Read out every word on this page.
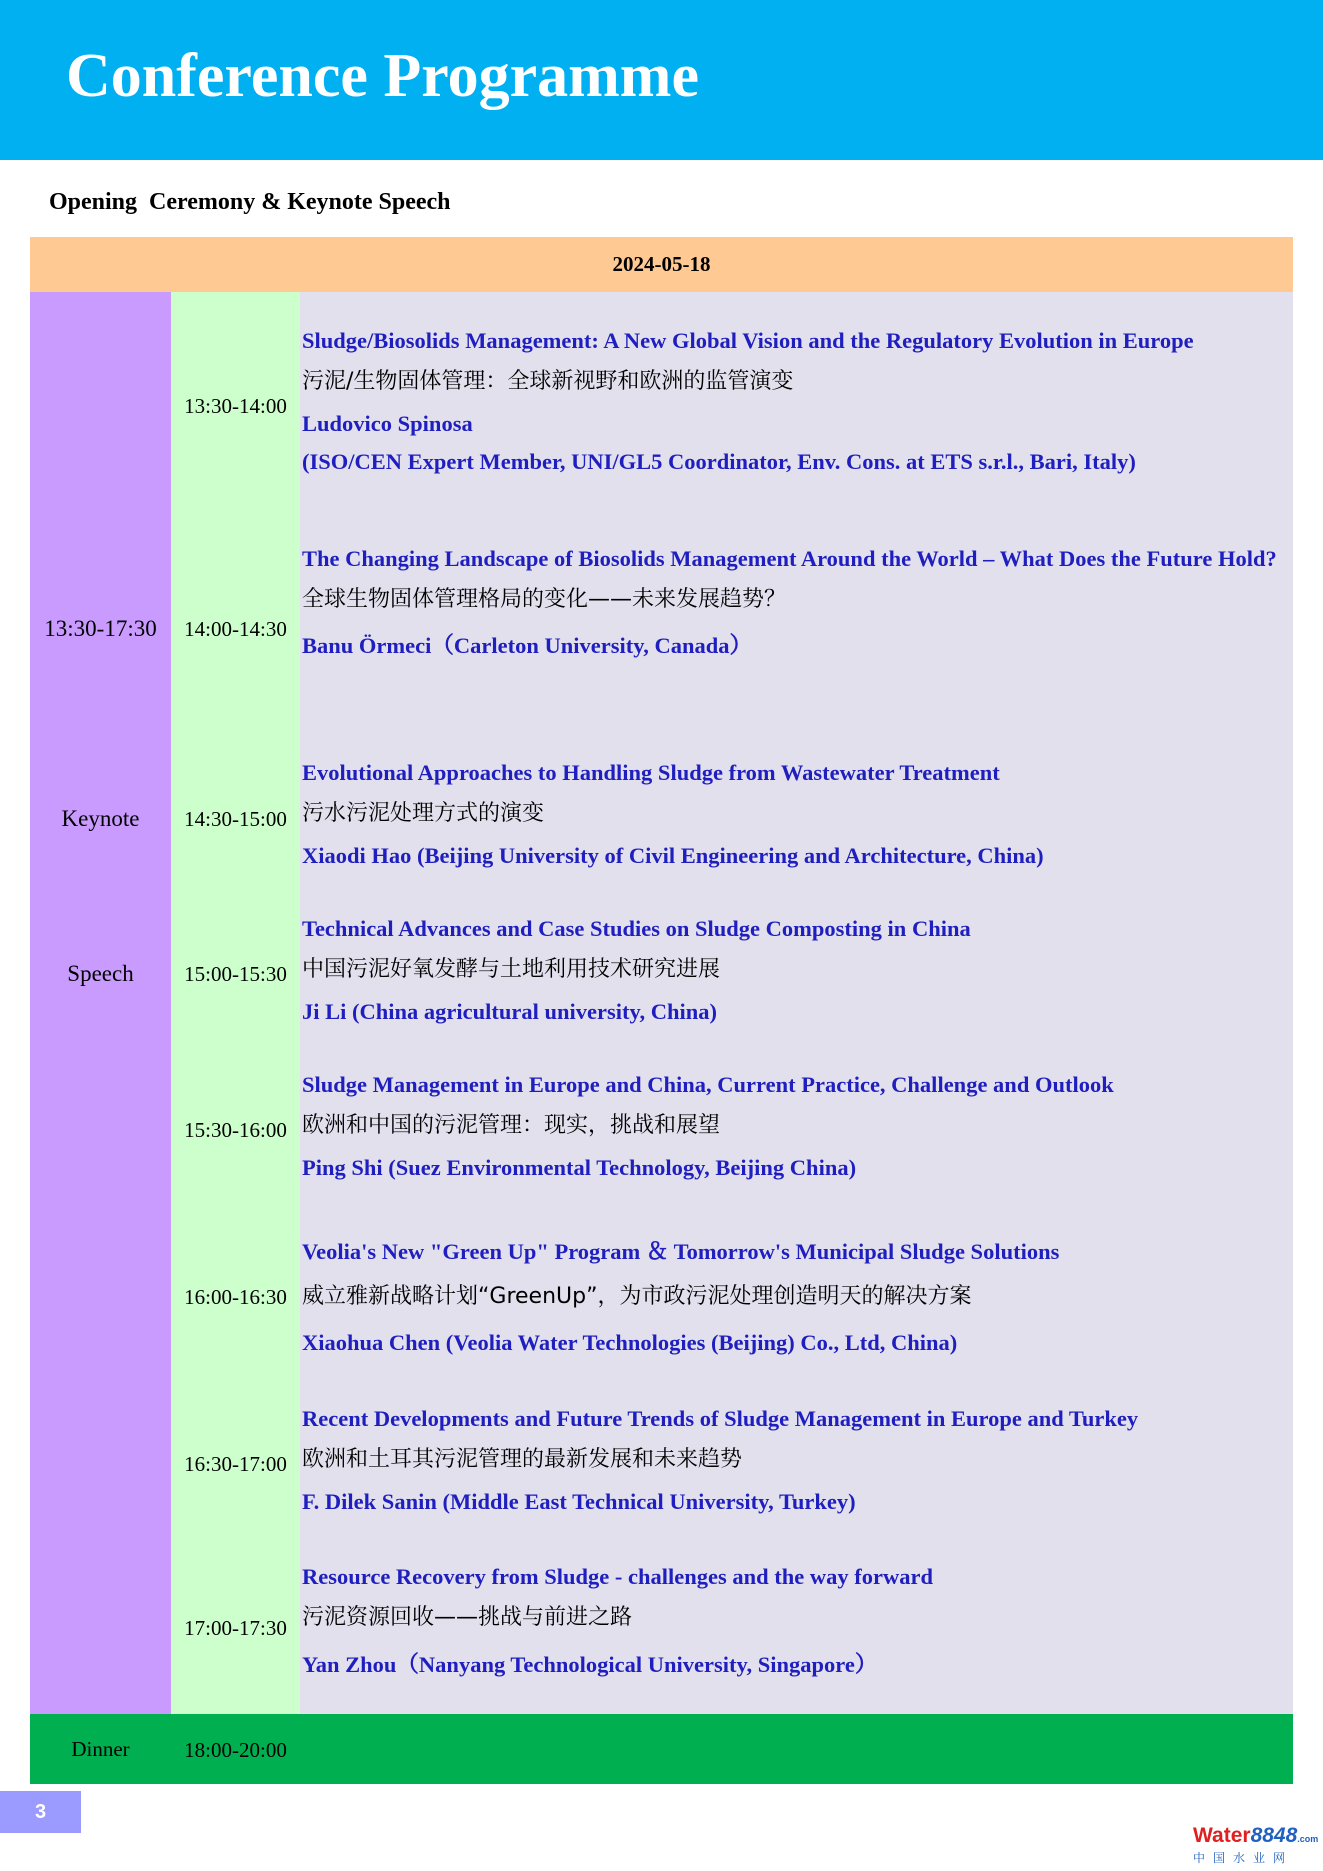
Conference Programme
Opening  Ceremony & Keynote Speech
2024-05-18
13:30-17:30
Keynote
Speech
13:30-14:00
Sludge/Biosolids Management: A New Global Vision and the Regulatory Evolution in Europe
污泥/生物固体管理：全球新视野和欧洲的监管演变
Ludovico Spinosa
(ISO/CEN Expert Member, UNI/GL5 Coordinator, Env. Cons. at ETS s.r.l., Bari, Italy)
14:00-14:30
The Changing Landscape of Biosolids Management Around the World – What Does the Future Hold?
全球生物固体管理格局的变化——未来发展趋势？
Banu Örmeci（Carleton University, Canada）
14:30-15:00
Evolutional Approaches to Handling Sludge from Wastewater Treatment
污水污泥处理方式的演变
Xiaodi Hao (Beijing University of Civil Engineering and Architecture, China)
15:00-15:30
Technical Advances and Case Studies on Sludge Composting in China
中国污泥好氧发酵与土地利用技术研究进展
Ji Li (China agricultural university, China)
15:30-16:00
Sludge Management in Europe and China, Current Practice, Challenge and Outlook
欧洲和中国的污泥管理：现实，挑战和展望
Ping Shi (Suez Environmental Technology, Beijing China)
16:00-16:30
Veolia's New "Green Up" Program ＆ Tomorrow's Municipal Sludge Solutions
威立雅新战略计划“GreenUp”，为市政污泥处理创造明天的解决方案
Xiaohua Chen (Veolia Water Technologies (Beijing) Co., Ltd, China)
16:30-17:00
Recent Developments and Future Trends of Sludge Management in Europe and Turkey
欧洲和土耳其污泥管理的最新发展和未来趋势
F. Dilek Sanin (Middle East Technical University, Turkey)
17:00-17:30
Resource Recovery from Sludge - challenges and the way forward
污泥资源回收——挑战与前进之路
Yan Zhou（Nanyang Technological University, Singapore）
Dinner	18:00-20:00
3
Water8848.com
中国水业网
